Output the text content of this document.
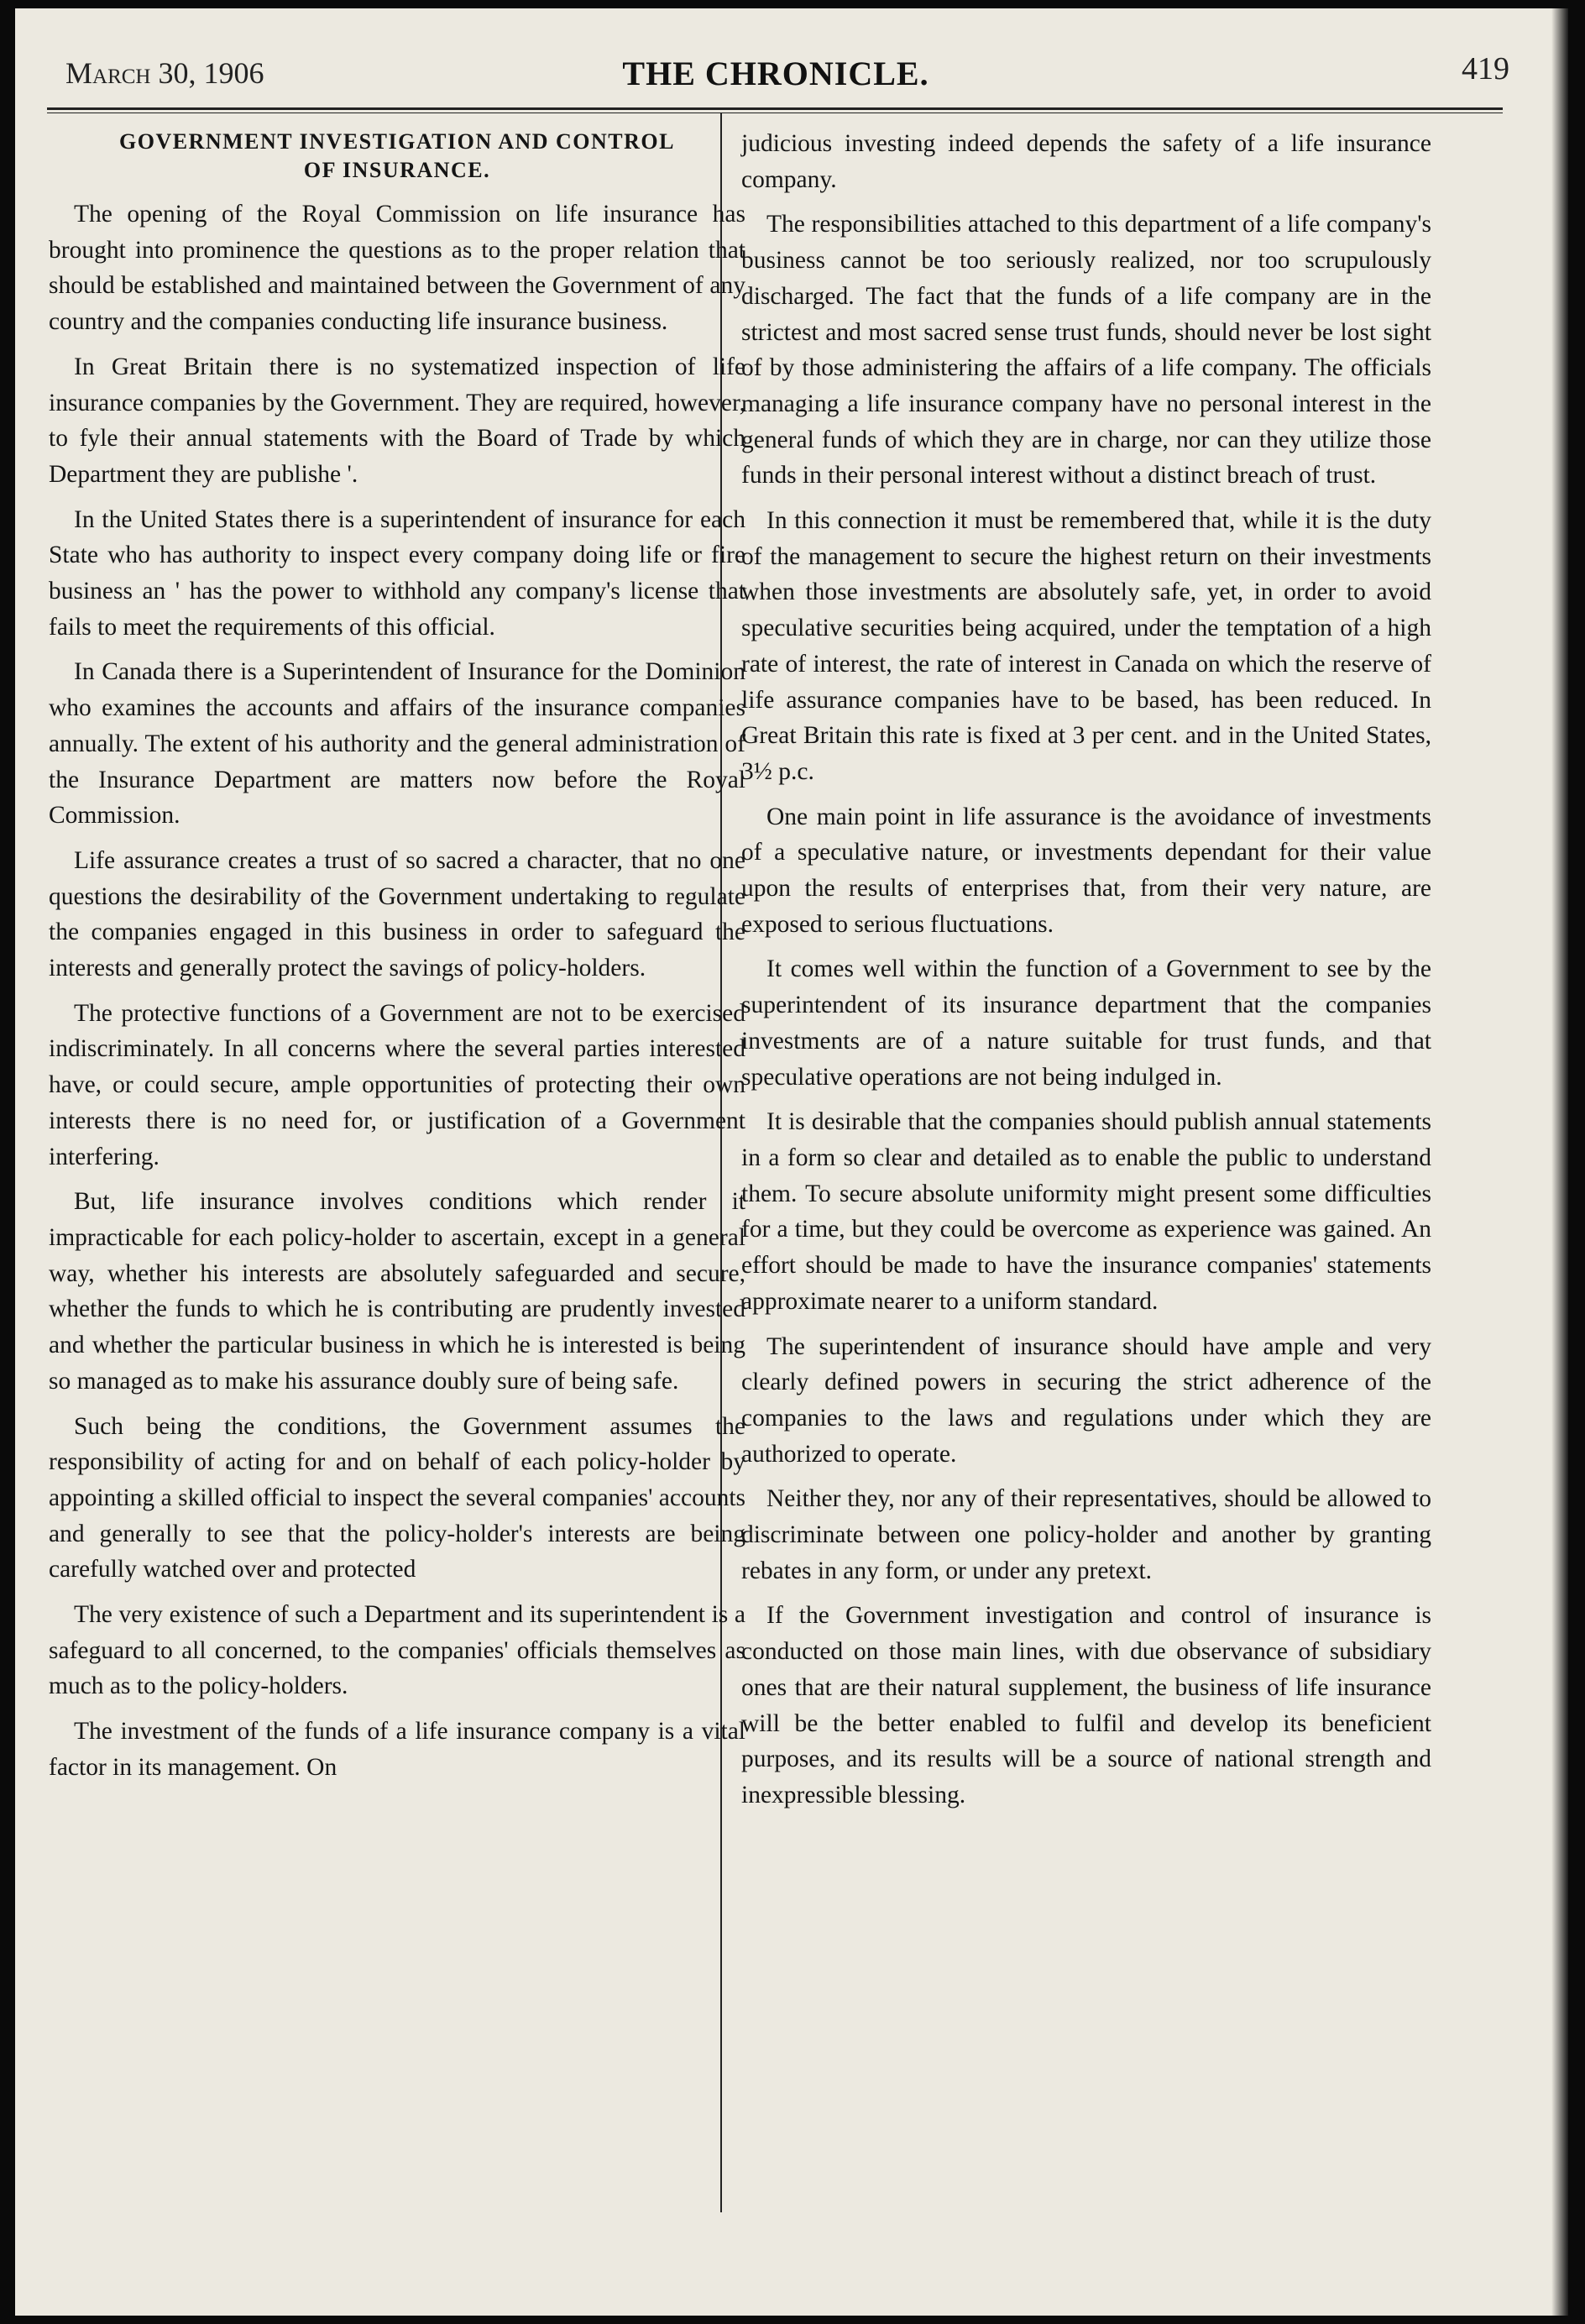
March 30, 1906	THE CHRONICLE.	419
GOVERNMENT INVESTIGATION AND CONTROL
OF INSURANCE.

The opening of the Royal Commission on life insurance has brought into prominence the questions as to the proper relation that should be established and maintained between the Government of any country and the companies conducting life insurance business.

In Great Britain there is no systematized inspection of life insurance companies by the Government. They are required, however, to fyle their annual statements with the Board of Trade by which Department they are publishe '.

In the United States there is a superintendent of insurance for each State who has authority to inspect every company doing life or fire business an ' has the power to withhold any company's license that fails to meet the requirements of this official.

In Canada there is a Superintendent of Insurance for the Dominion who examines the accounts and affairs of the insurance companies annually. The extent of his authority and the general administration of the Insurance Department are matters now before the Royal Commission.

Life assurance creates a trust of so sacred a character, that no one questions the desirability of the Government undertaking to regulate the companies engaged in this business in order to safeguard the interests and generally protect the savings of policy-holders.

The protective functions of a Government are not to be exercised indiscriminately. In all concerns where the several parties interested have, or could secure, ample opportunities of protecting their own interests there is no need for, or justification of a Government interfering.

But, life insurance involves conditions which render it impracticable for each policy-holder to ascertain, except in a general way, whether his interests are absolutely safeguarded and secure, whether the funds to which he is contributing are prudently invested and whether the particular business in which he is interested is being so managed as to make his assurance doubly sure of being safe.

Such being the conditions, the Government assumes the responsibility of acting for and on behalf of each policy-holder by appointing a skilled official to inspect the several companies' accounts and generally to see that the policy-holder's interests are being carefully watched over and protected

The very existence of such a Department and its superintendent is a safeguard to all concerned, to the companies' officials themselves as much as to the policy-holders.

The investment of the funds of a life insurance company is a vital factor in its management. On

judicious investing indeed depends the safety of a life insurance company.

The responsibilities attached to this department of a life company's business cannot be too seriously realized, nor too scrupulously discharged. The fact that the funds of a life company are in the strictest and most sacred sense trust funds, should never be lost sight of by those administering the affairs of a life company. The officials managing a life insurance company have no personal interest in the general funds of which they are in charge, nor can they utilize those funds in their personal interest without a distinct breach of trust.

In this connection it must be remembered that, while it is the duty of the management to secure the highest return on their investments when those investments are absolutely safe, yet, in order to avoid speculative securities being acquired, under the temptation of a high rate of interest, the rate of interest in Canada on which the reserve of life assurance companies have to be based, has been reduced. In Great Britain this rate is fixed at 3 per cent. and in the United States, 3½ p.c.

One main point in life assurance is the avoidance of investments of a speculative nature, or investments dependant for their value upon the results of enterprises that, from their very nature, are exposed to serious fluctuations.

It comes well within the function of a Government to see by the superintendent of its insurance department that the companies investments are of a nature suitable for trust funds, and that speculative operations are not being indulged in.

It is desirable that the companies should publish annual statements in a form so clear and detailed as to enable the public to understand them. To secure absolute uniformity might present some difficulties for a time, but they could be overcome as experience was gained. An effort should be made to have the insurance companies' statements approximate nearer to a uniform standard.

The superintendent of insurance should have ample and very clearly defined powers in securing the strict adherence of the companies to the laws and regulations under which they are authorized to operate.

Neither they, nor any of their representatives, should be allowed to discriminate between one policy-holder and another by granting rebates in any form, or under any pretext.

If the Government investigation and control of insurance is conducted on those main lines, with due observance of subsidiary ones that are their natural supplement, the business of life insurance will be the better enabled to fulfil and develop its beneficient purposes, and its results will be a source of national strength and inexpressible blessing.
